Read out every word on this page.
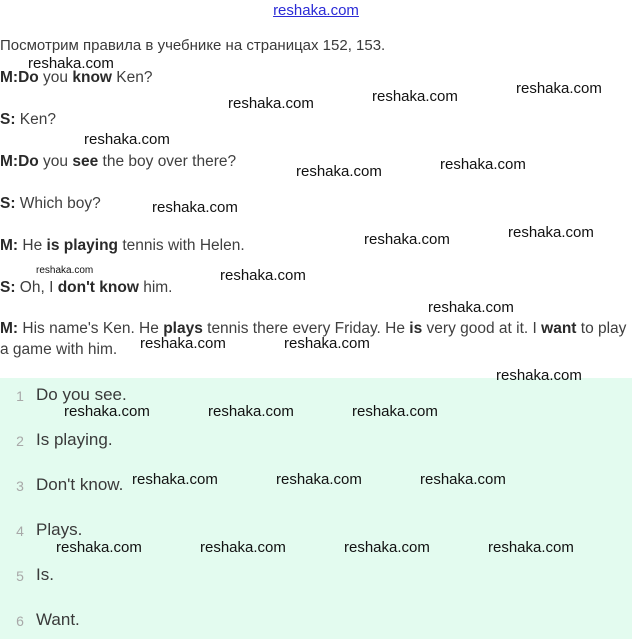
reshaka.com
Посмотрим правила в учебнике на страницах 152, 153.
M:Do you know Ken?
S: Ken?
M:Do you see the boy over there?
S: Which boy?
M: He is playing tennis with Helen.
S: Oh, I don't know him.
M: His name's Ken. He plays tennis there every Friday. He is very good at it. I want to play a game with him.
1 Do you see.
2 Is playing.
3 Don't know.
4 Plays.
5 Is.
6 Want.
reshaka.com
reshaka.com	reshaka.com	reshaka.com
reshaka.com
reshaka.com	reshaka.com
reshaka.com
reshaka.com	reshaka.com
reshaka.com	reshaka.com
reshaka.com
reshaka.com	reshaka.com
reshaka.com
reshaka.com	reshaka.com	reshaka.com
reshaka.com	reshaka.com	reshaka.com
reshaka.com	reshaka.com	reshaka.com	reshaka.com
